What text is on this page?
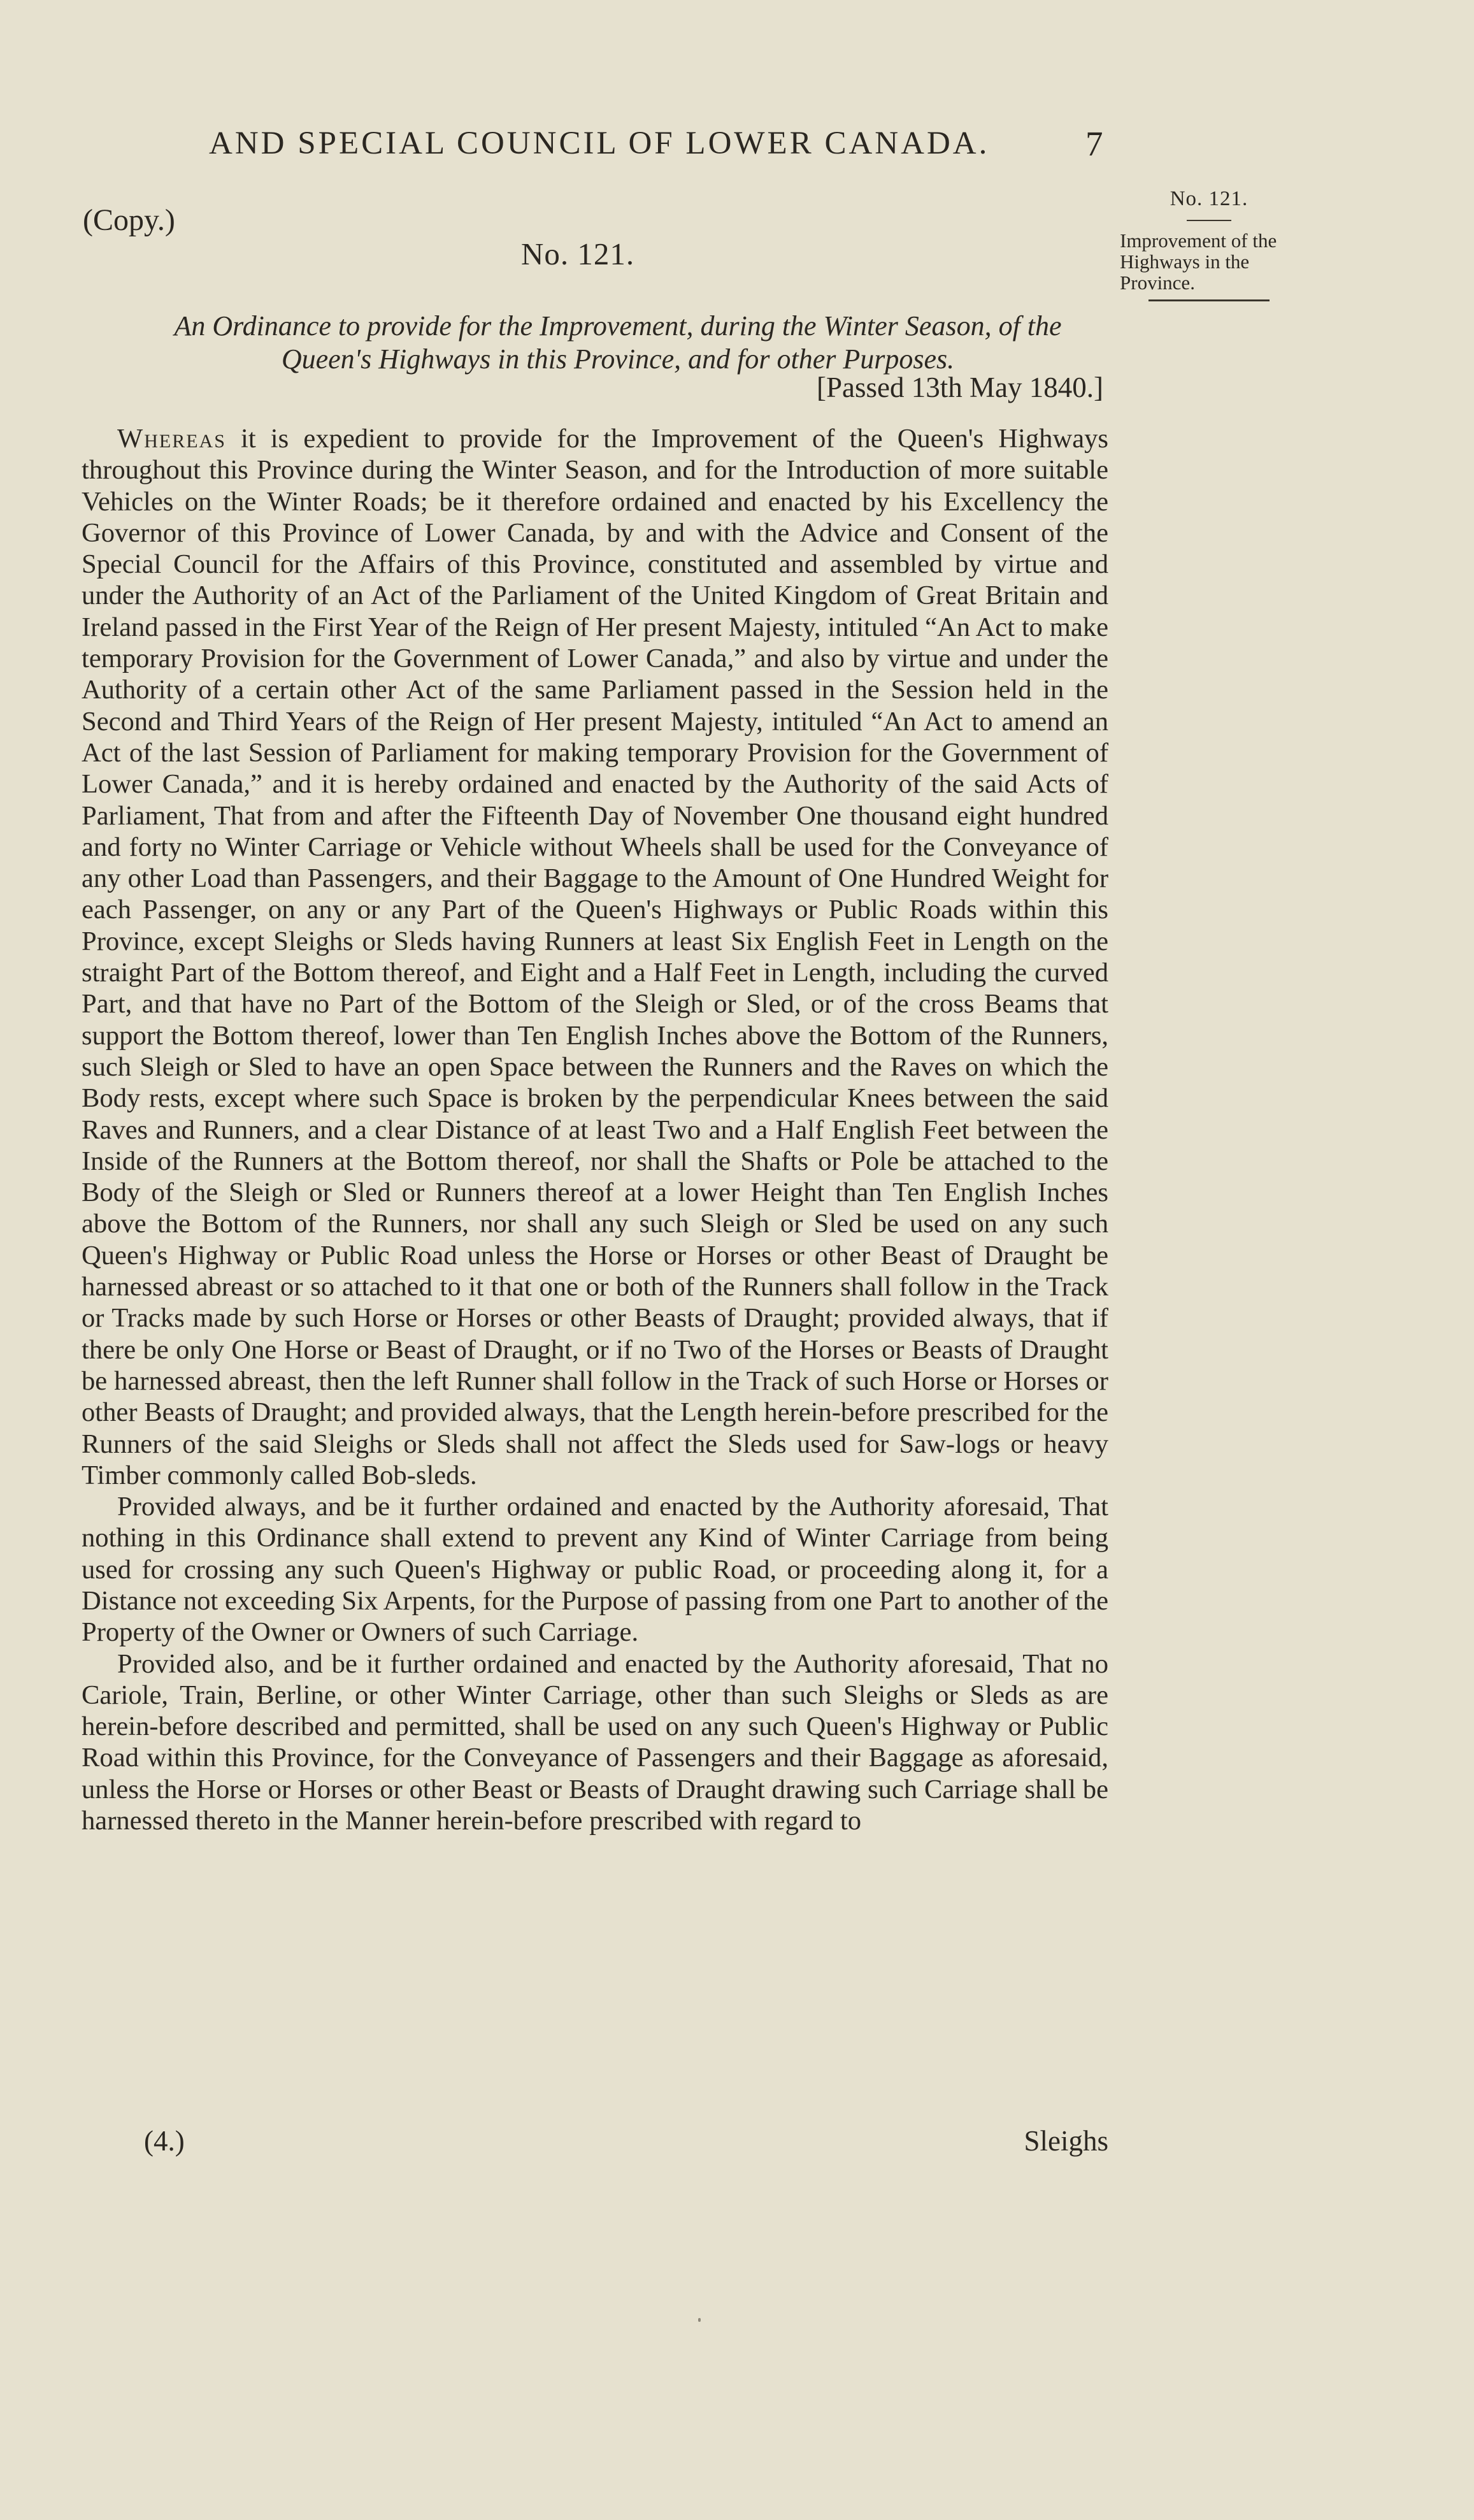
AND SPECIAL COUNCIL OF LOWER CANADA.	7
(Copy.)
No. 121.
An Ordinance to provide for the Improvement, during the Winter Season, of the Queen's Highways in this Province, and for other Purposes.
[Passed 13th May 1840.]

Whereas it is expedient to provide for the Improvement of the Queen's Highways throughout this Province during the Winter Season, and for the Introduction of more suitable Vehicles on the Winter Roads; be it therefore ordained and enacted by his Excellency the Governor of this Province of Lower Canada, by and with the Advice and Consent of the Special Council for the Affairs of this Province, constituted and assembled by virtue and under the Authority of an Act of the Parliament of the United Kingdom of Great Britain and Ireland passed in the First Year of the Reign of Her present Majesty, intituled “An Act to make temporary Provision for the Government of Lower Canada,” and also by virtue and under the Authority of a certain other Act of the same Parliament passed in the Session held in the Second and Third Years of the Reign of Her present Majesty, intituled “An Act to amend an Act of the last Session of Parliament for making temporary Provision for the Government of Lower Canada,” and it is hereby ordained and enacted by the Authority of the said Acts of Parliament, That from and after the Fifteenth Day of November One thousand eight hundred and forty no Winter Carriage or Vehicle without Wheels shall be used for the Conveyance of any other Load than Passengers, and their Baggage to the Amount of One Hundred Weight for each Passenger, on any or any Part of the Queen's Highways or Public Roads within this Province, except Sleighs or Sleds having Runners at least Six English Feet in Length on the straight Part of the Bottom thereof, and Eight and a Half Feet in Length, including the curved Part, and that have no Part of the Bottom of the Sleigh or Sled, or of the cross Beams that support the Bottom thereof, lower than Ten English Inches above the Bottom of the Runners, such Sleigh or Sled to have an open Space between the Runners and the Raves on which the Body rests, except where such Space is broken by the perpendicular Knees between the said Raves and Runners, and a clear Distance of at least Two and a Half English Feet between the Inside of the Runners at the Bottom thereof, nor shall the Shafts or Pole be attached to the Body of the Sleigh or Sled or Runners thereof at a lower Height than Ten English Inches above the Bottom of the Runners, nor shall any such Sleigh or Sled be used on any such Queen's Highway or Public Road unless the Horse or Horses or other Beast of Draught be harnessed abreast or so attached to it that one or both of the Runners shall follow in the Track or Tracks made by such Horse or Horses or other Beasts of Draught; provided always, that if there be only One Horse or Beast of Draught, or if no Two of the Horses or Beasts of Draught be harnessed abreast, then the left Runner shall follow in the Track of such Horse or Horses or other Beasts of Draught; and provided always, that the Length herein-before prescribed for the Runners of the said Sleighs or Sleds shall not affect the Sleds used for Saw-logs or heavy Timber commonly called Bob-sleds.

Provided always, and be it further ordained and enacted by the Authority aforesaid, That nothing in this Ordinance shall extend to prevent any Kind of Winter Carriage from being used for crossing any such Queen's Highway or public Road, or proceeding along it, for a Distance not exceeding Six Arpents, for the Purpose of passing from one Part to another of the Property of the Owner or Owners of such Carriage.

Provided also, and be it further ordained and enacted by the Authority aforesaid, That no Cariole, Train, Berline, or other Winter Carriage, other than such Sleighs or Sleds as are herein-before described and permitted, shall be used on any such Queen's Highway or Public Road within this Province, for the Conveyance of Passengers and their Baggage as aforesaid, unless the Horse or Horses or other Beast or Beasts of Draught drawing such Carriage shall be harnessed thereto in the Manner herein-before prescribed with regard to

(4.)	Sleighs
No. 121.
Improvement of the Highways in the Province.
